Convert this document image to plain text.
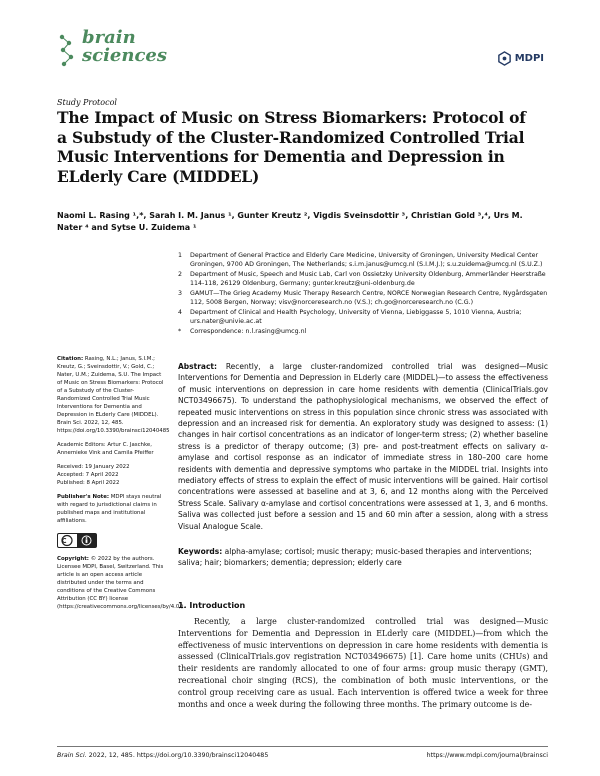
brain
sciences	MDPI
Study Protocol
The Impact of Music on Stress Biomarkers: Protocol of a Substudy of the Cluster-Randomized Controlled Trial Music Interventions for Dementia and Depression in ELderly Care (MIDDEL)
Naomi L. Rasing ¹,*, Sarah I. M. Janus ¹, Gunter Kreutz ², Vigdis Sveinsdottir ³, Christian Gold ³,⁴, Urs M. Nater ⁴ and Sytse U. Zuidema ¹
1 Department of General Practice and Elderly Care Medicine, University of Groningen, University Medical Center Groningen, 9700 AD Groningen, The Netherlands; s.i.m.janus@umcg.nl (S.I.M.J.); s.u.zuidema@umcg.nl (S.U.Z.)
2 Department of Music, Speech and Music Lab, Carl von Ossietzky University Oldenburg, Ammerländer Heerstraße 114-118, 26129 Oldenburg, Germany; gunter.kreutz@uni-oldenburg.de
3 GAMUT—The Grieg Academy Music Therapy Research Centre, NORCE Norwegian Research Centre, Nygårdsgaten 112, 5008 Bergen, Norway; visv@norceresearch.no (V.S.); ch.go@norceresearch.no (C.G.)
4 Department of Clinical and Health Psychology, University of Vienna, Liebiggasse 5, 1010 Vienna, Austria; urs.nater@univie.ac.at
* Correspondence: n.l.rasing@umcg.nl
Citation: Rasing, N.L.; Janus, S.I.M.; Kreutz, G.; Sveinsdottir, V.; Gold, C.; Nater, U.M.; Zuidema, S.U. The Impact of Music on Stress Biomarkers: Protocol of a Substudy of the Cluster-Randomized Controlled Trial Music Interventions for Dementia and Depression in ELderly Care (MIDDEL). Brain Sci. 2022, 12, 485. https://doi.org/10.3390/brainsci12040485
Academic Editors: Artur C. Jaschke, Annemieke Vink and Camila Pfeiffer
Received: 19 January 2022
Accepted: 7 April 2022
Published: 8 April 2022
Publisher's Note: MDPI stays neutral with regard to jurisdictional claims in published maps and institutional affiliations.
Copyright: © 2022 by the authors. Licensee MDPI, Basel, Switzerland. This article is an open access article distributed under the terms and conditions of the Creative Commons Attribution (CC BY) license (https://creativecommons.org/licenses/by/4.0/).
Abstract: Recently, a large cluster-randomized controlled trial was designed—Music Interventions for Dementia and Depression in ELderly care (MIDDEL)—to assess the effectiveness of music interventions on depression in care home residents with dementia (ClinicalTrials.gov NCT03496675). To understand the pathophysiological mechanisms, we observed the effect of repeated music interventions on stress in this population since chronic stress was associated with depression and an increased risk for dementia. An exploratory study was designed to assess: (1) changes in hair cortisol concentrations as an indicator of longer-term stress; (2) whether baseline stress is a predictor of therapy outcome; (3) pre- and post-treatment effects on salivary α-amylase and cortisol response as an indicator of immediate stress in 180–200 care home residents with dementia and depressive symptoms who partake in the MIDDEL trial. Insights into mediatory effects of stress to explain the effect of music interventions will be gained. Hair cortisol concentrations were assessed at baseline and at 3, 6, and 12 months along with the Perceived Stress Scale. Salivary α-amylase and cortisol concentrations were assessed at 1, 3, and 6 months. Saliva was collected just before a session and 15 and 60 min after a session, along with a stress Visual Analogue Scale.
Keywords: alpha-amylase; cortisol; music therapy; music-based therapies and interventions; saliva; hair; biomarkers; dementia; depression; elderly care
1. Introduction

Recently, a large cluster-randomized controlled trial was designed—Music Interventions for Dementia and Depression in ELderly care (MIDDEL)—from which the effectiveness of music interventions on depression in care home residents with dementia is assessed (ClinicalTrials.gov registration NCT03496675) [1]. Care home units (CHUs) and their residents are randomly allocated to one of four arms: group music therapy (GMT), recreational choir singing (RCS), the combination of both music interventions, or the control group receiving care as usual. Each intervention is offered twice a week for three months and once a week during the following three months. The primary outcome is de-

Brain Sci. 2022, 12, 485. https://doi.org/10.3390/brainsci12040485	https://www.mdpi.com/journal/brainsci
